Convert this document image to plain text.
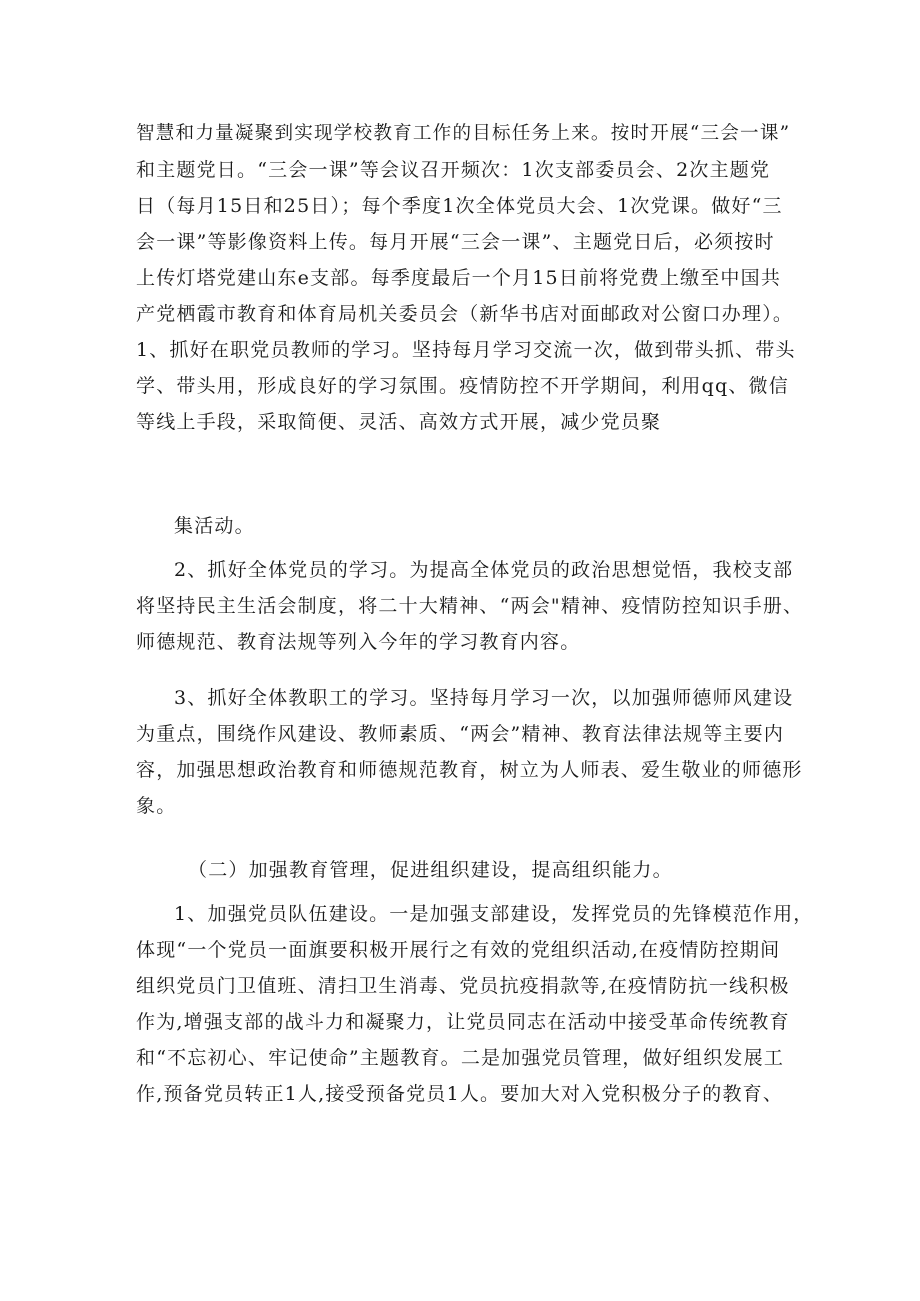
智慧和力量凝聚到实现学校教育工作的目标任务上来。按时开展“三会一课”
和主题党日。“三会一课”等会议召开频次：1次支部委员会、2次主题党
日（每月15日和25日）；每个季度1次全体党员大会、1次党课。做好“三
会一课”等影像资料上传。每月开展“三会一课”、主题党日后，必须按时
上传灯塔党建山东e支部。每季度最后一个月15日前将党费上缴至中国共
产党栖霞市教育和体育局机关委员会（新华书店对面邮政对公窗口办理）。
1、抓好在职党员教师的学习。坚持每月学习交流一次，做到带头抓、带头
学、带头用，形成良好的学习氛围。疫情防控不开学期间，利用qq、微信
等线上手段，采取简便、灵活、高效方式开展，减少党员聚
集活动。
2、抓好全体党员的学习。为提高全体党员的政治思想觉悟，我校支部
将坚持民主生活会制度，将二十大精神、“两会"精神、疫情防控知识手册、
师德规范、教育法规等列入今年的学习教育内容。
3、抓好全体教职工的学习。坚持每月学习一次，以加强师德师风建设
为重点，围绕作风建设、教师素质、“两会”精神、教育法律法规等主要内
容，加强思想政治教育和师德规范教育，树立为人师表、爱生敬业的师德形
象。
（二）加强教育管理，促进组织建设，提高组织能力。
1、加强党员队伍建设。一是加强支部建设，发挥党员的先锋模范作用，
体现“一个党员一面旗要积极开展行之有效的党组织活动,在疫情防控期间
组织党员门卫值班、清扫卫生消毒、党员抗疫捐款等,在疫情防抗一线积极
作为,增强支部的战斗力和凝聚力，让党员同志在活动中接受革命传统教育
和“不忘初心、牢记使命”主题教育。二是加强党员管理，做好组织发展工
作,预备党员转正1人,接受预备党员1人。要加大对入党积极分子的教育、
